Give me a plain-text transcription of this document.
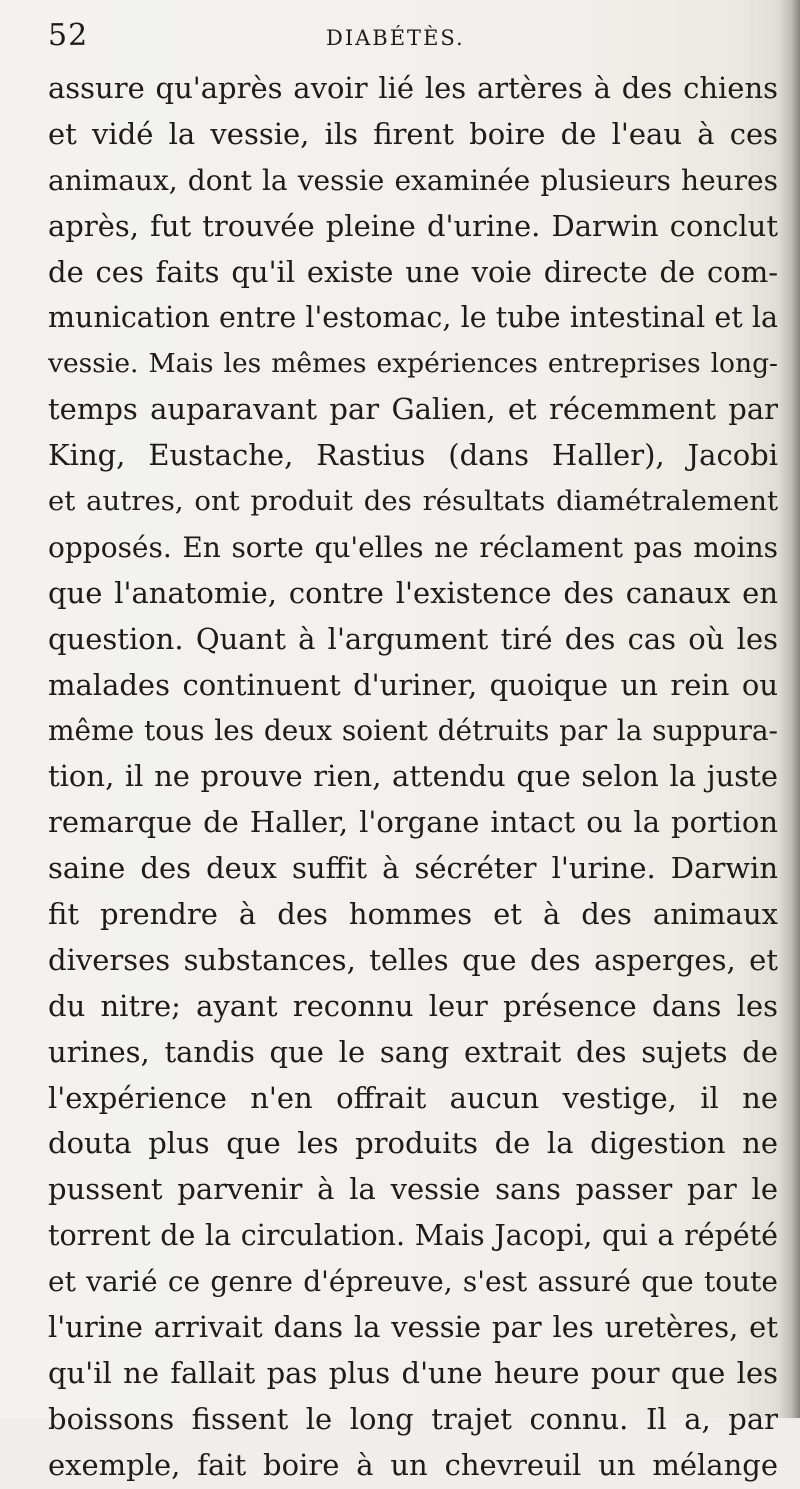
52	DIABÉTÈS.
assure qu'après avoir lié les artères à des chiens
et vidé la vessie, ils firent boire de l'eau à ces
animaux, dont la vessie examinée plusieurs heures
après, fut trouvée pleine d'urine. Darwin conclut
de ces faits qu'il existe une voie directe de com-
munication entre l'estomac, le tube intestinal et la
vessie. Mais les mêmes expériences entreprises long-
temps auparavant par Galien, et récemment par
King, Eustache, Rastius (dans Haller), Jacobi
et autres, ont produit des résultats diamétralement
opposés. En sorte qu'elles ne réclament pas moins
que l'anatomie, contre l'existence des canaux en
question. Quant à l'argument tiré des cas où les
malades continuent d'uriner, quoique un rein ou
même tous les deux soient détruits par la suppura-
tion, il ne prouve rien, attendu que selon la juste
remarque de Haller, l'organe intact ou la portion
saine des deux suffit à sécréter l'urine. Darwin
fit prendre à des hommes et à des animaux
diverses substances, telles que des asperges, et
du nitre; ayant reconnu leur présence dans les
urines, tandis que le sang extrait des sujets de
l'expérience n'en offrait aucun vestige, il ne
douta plus que les produits de la digestion ne
pussent parvenir à la vessie sans passer par le
torrent de la circulation. Mais Jacopi, qui a répété
et varié ce genre d'épreuve, s'est assuré que toute
l'urine arrivait dans la vessie par les uretères, et
qu'il ne fallait pas plus d'une heure pour que les
boissons fissent le long trajet connu. Il a, par
exemple, fait boire à un chevreuil un mélange
